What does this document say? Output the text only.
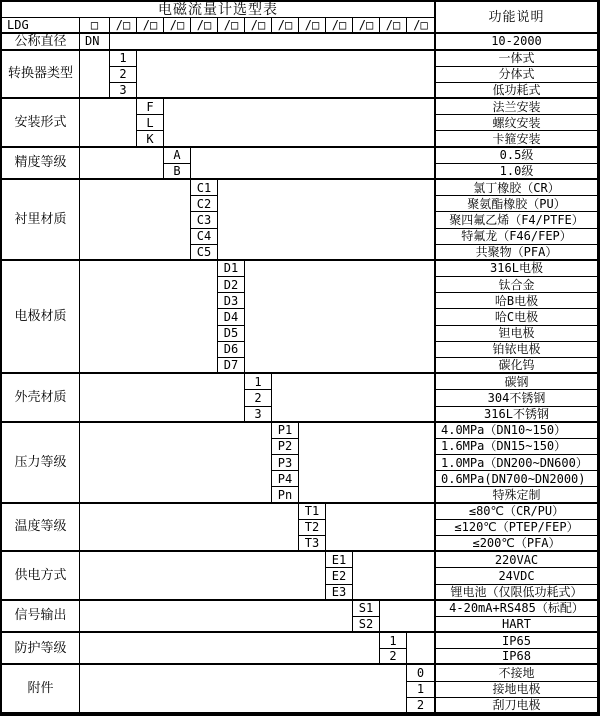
电磁流量计选型表	功能说明
LDG	□	/□	/□	/□	/□	/□	/□	/□	/□	/□	/□	/□	/□
公称直径	DN	10-2000
转换器类型
1	一体式
2	分体式
3	低功耗式
安装形式
F	法兰安装
L	螺纹安装
K	卡箍安装
精度等级
A	0.5级
B	1.0级
衬里材质
C1	氯丁橡胶（CR）
C2	聚氨酯橡胶（PU）
C3	聚四氟乙烯（F4/PTFE）
C4	特氟龙（F46/FEP）
C5	共聚物（PFA）
电极材质
D1	316L电极
D2	钛合金
D3	哈B电极
D4	哈C电极
D5	钽电极
D6	铂铱电极
D7	碳化钨
外壳材质
1	碳钢
2	304不锈钢
3	316L不锈钢
压力等级
P1	4.0MPa（DN10~150）
P2	1.6MPa（DN15~150）
P3	1.0MPa（DN200~DN600）
P4	0.6MPa(DN700~DN2000)
Pn	特殊定制
温度等级
T1	≤80℃（CR/PU）
T2	≤120℃（PTEP/FEP）
T3	≤200℃（PFA）
供电方式
E1	220VAC
E2	24VDC
E3	锂电池（仅限低功耗式）
信号输出
S1	4-20mA+RS485（标配）
S2	HART
防护等级
1	IP65
2	IP68
附件
0	不接地
1	接地电极
2	刮刀电极
